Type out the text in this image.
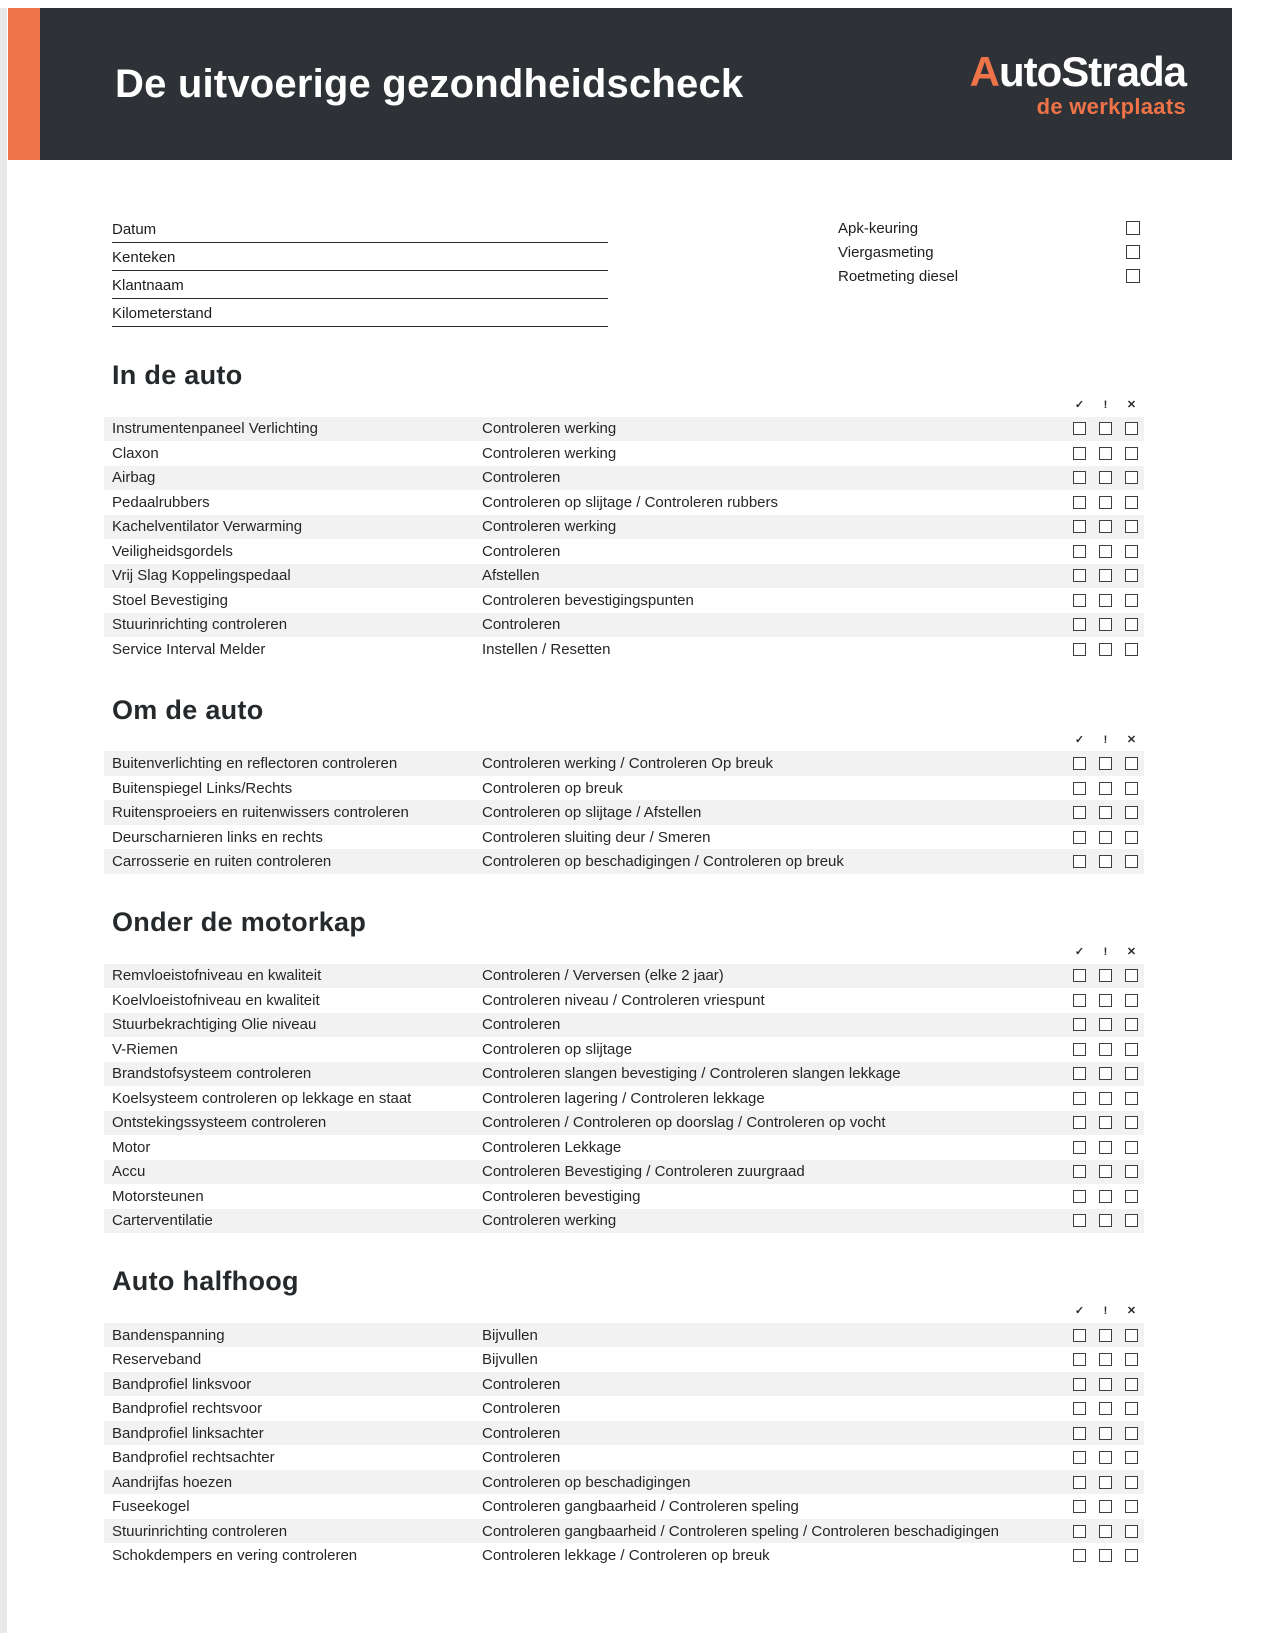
De uitvoerige gezondheidscheck	AutoStrada
de werkplaats
Datum
Kenteken
Klantnaam
Kilometerstand
Apk-keuring
Viergasmeting
Roetmeting diesel
In de auto
✓	!	✕
Instrumentenpaneel Verlichting	Controleren werking
Claxon	Controleren werking
Airbag	Controleren
Pedaalrubbers	Controleren op slijtage / Controleren rubbers
Kachelventilator Verwarming	Controleren werking
Veiligheidsgordels	Controleren
Vrij Slag Koppelingspedaal	Afstellen
Stoel Bevestiging	Controleren bevestigingspunten
Stuurinrichting controleren	Controleren
Service Interval Melder	Instellen / Resetten
Om de auto
✓	!	✕
Buitenverlichting en reflectoren controleren	Controleren werking / Controleren Op breuk
Buitenspiegel Links/Rechts	Controleren op breuk
Ruitensproeiers en ruitenwissers controleren	Controleren op slijtage / Afstellen
Deurscharnieren links en rechts	Controleren sluiting deur / Smeren
Carrosserie en ruiten controleren	Controleren op beschadigingen / Controleren op breuk
Onder de motorkap
✓	!	✕
Remvloeistofniveau en kwaliteit	Controleren / Verversen (elke 2 jaar)
Koelvloeistofniveau en kwaliteit	Controleren niveau / Controleren vriespunt
Stuurbekrachtiging Olie niveau	Controleren
V-Riemen	Controleren op slijtage
Brandstofsysteem controleren	Controleren slangen bevestiging / Controleren slangen lekkage
Koelsysteem controleren op lekkage en staat	Controleren lagering / Controleren lekkage
Ontstekingssysteem controleren	Controleren / Controleren op doorslag / Controleren op vocht
Motor	Controleren Lekkage
Accu	Controleren Bevestiging / Controleren zuurgraad
Motorsteunen	Controleren bevestiging
Carterventilatie	Controleren werking
Auto halfhoog
✓	!	✕
Bandenspanning	Bijvullen
Reserveband	Bijvullen
Bandprofiel linksvoor	Controleren
Bandprofiel rechtsvoor	Controleren
Bandprofiel linksachter	Controleren
Bandprofiel rechtsachter	Controleren
Aandrijfas hoezen	Controleren op beschadigingen
Fuseekogel	Controleren gangbaarheid / Controleren speling
Stuurinrichting controleren	Controleren gangbaarheid / Controleren speling / Controleren beschadigingen
Schokdempers en vering controleren	Controleren lekkage / Controleren op breuk
